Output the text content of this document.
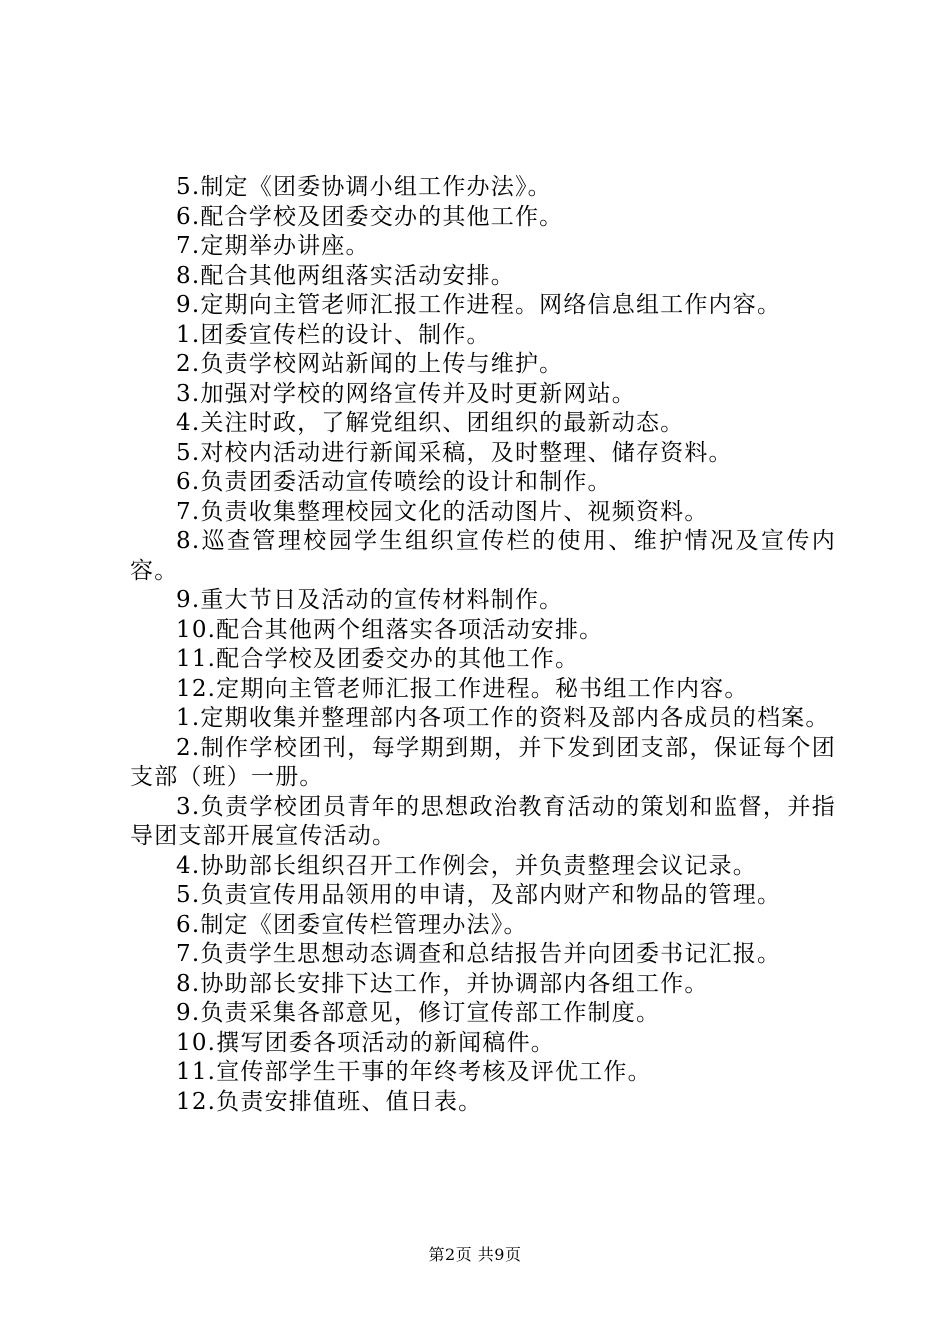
5.制定《团委协调小组工作办法》。

6.配合学校及团委交办的其他工作。

7.定期举办讲座。

8.配合其他两组落实活动安排。

9.定期向主管老师汇报工作进程。网络信息组工作内容。

1.团委宣传栏的设计、制作。

2.负责学校网站新闻的上传与维护。

3.加强对学校的网络宣传并及时更新网站。

4.关注时政，了解党组织、团组织的最新动态。

5.对校内活动进行新闻采稿，及时整理、储存资料。

6.负责团委活动宣传喷绘的设计和制作。

7.负责收集整理校园文化的活动图片、视频资料。

8.巡查管理校园学生组织宣传栏的使用、维护情况及宣传内容。

9.重大节日及活动的宣传材料制作。

10.配合其他两个组落实各项活动安排。

11.配合学校及团委交办的其他工作。

12.定期向主管老师汇报工作进程。秘书组工作内容。

1.定期收集并整理部内各项工作的资料及部内各成员的档案。

2.制作学校团刊，每学期到期，并下发到团支部，保证每个团支部（班）一册。

3.负责学校团员青年的思想政治教育活动的策划和监督，并指导团支部开展宣传活动。

4.协助部长组织召开工作例会，并负责整理会议记录。

5.负责宣传用品领用的申请，及部内财产和物品的管理。

6.制定《团委宣传栏管理办法》。

7.负责学生思想动态调查和总结报告并向团委书记汇报。

8.协助部长安排下达工作，并协调部内各组工作。

9.负责采集各部意见，修订宣传部工作制度。

10.撰写团委各项活动的新闻稿件。

11.宣传部学生干事的年终考核及评优工作。

12.负责安排值班、值日表。

第2页 共9页
